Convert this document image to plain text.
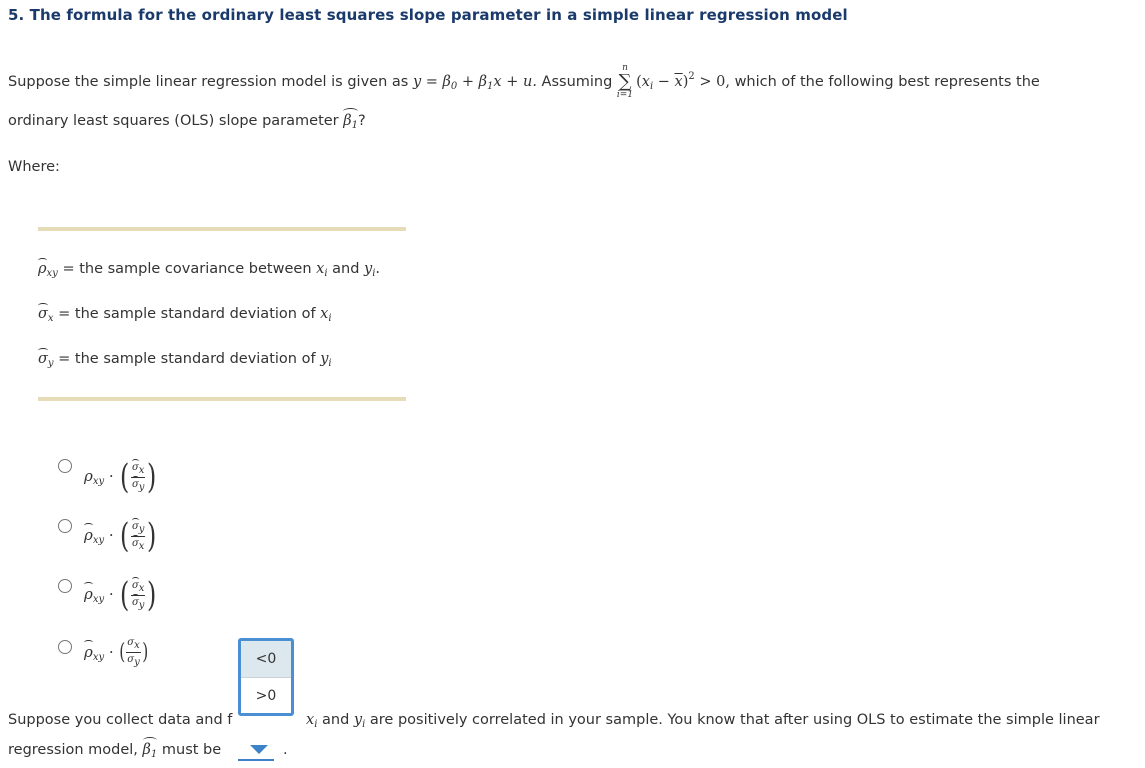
5. The formula for the ordinary least squares slope parameter in a simple linear regression model
Suppose the simple linear regression model is given as $y = \beta_0 + \beta_1x + u$. Assuming
n
∑
i=1
$(x_i - \overline{x})^2 > 0$, which of the following best represents the
ordinary least squares (OLS) slope parameter $\beta_1$?
Where:
$\rho_{xy}$ = the sample covariance between $x_i$ and $y_i$.
$\sigma_x$ = the sample standard deviation of $x_i$
$\sigma_y$ = the sample standard deviation of $y_i$
$\rho_{xy}$ · ( $\frac{\sigma_x}{\sigma_y}$ )
$\rho_{xy}$ · ( $\frac{\sigma_y}{\sigma_x}$ )
$\rho_{xy}$ · ( $\frac{\sigma_x}{\sigma_y}$ )
$\rho_{xy}$ · ( $\frac{\sigma_x}{\sigma_y}$ )
Suppose you collect data and f	$x_i$ and $y_i$ are positively correlated in your sample. You know that after using OLS to estimate the simple linear
regression model, $\beta_1$ must be	.
<0
>0
